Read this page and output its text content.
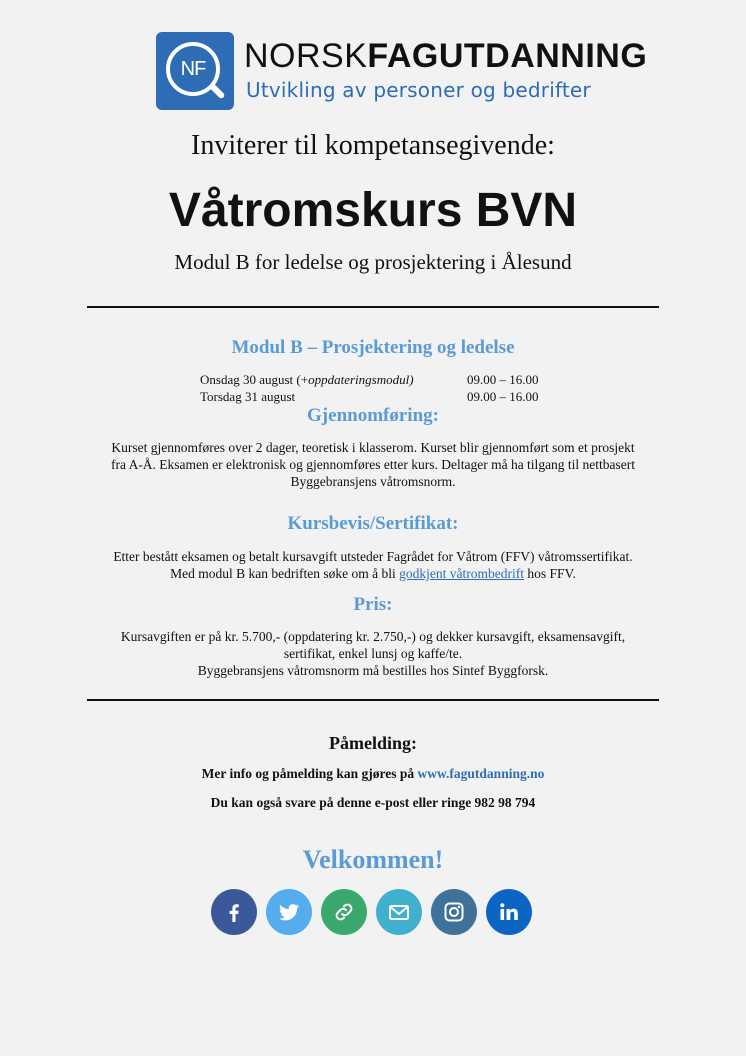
NF	NORSKFAGUTDANNING
Utvikling av personer og bedrifter
Inviterer til kompetansegivende:
Våtromskurs BVN
Modul B for ledelse og prosjektering i Ålesund
Modul B – Prosjektering og ledelse
Onsdag 30 august (+oppdateringsmodul)	09.00 – 16.00
Torsdag 31 august	09.00 – 16.00
Gjennomføring:
Kurset gjennomføres over 2 dager, teoretisk i klasserom. Kurset blir gjennomført som et prosjekt
fra A-Å. Eksamen er elektronisk og gjennomføres etter kurs. Deltager må ha tilgang til nettbasert
Byggebransjens våtromsnorm.
Kursbevis/Sertifikat:
Etter bestått eksamen og betalt kursavgift utsteder Fagrådet for Våtrom (FFV) våtromssertifikat.
Med modul B kan bedriften søke om å bli godkjent våtrombedrift hos FFV.
Pris:
Kursavgiften er på kr. 5.700,- (oppdatering kr. 2.750,-) og dekker kursavgift, eksamensavgift,
sertifikat, enkel lunsj og kaffe/te.
Byggebransjens våtromsnorm må bestilles hos Sintef Byggforsk.
Påmelding:
Mer info og påmelding kan gjøres på www.fagutdanning.no
Du kan også svare på denne e-post eller ringe 982 98 794
Velkommen!
